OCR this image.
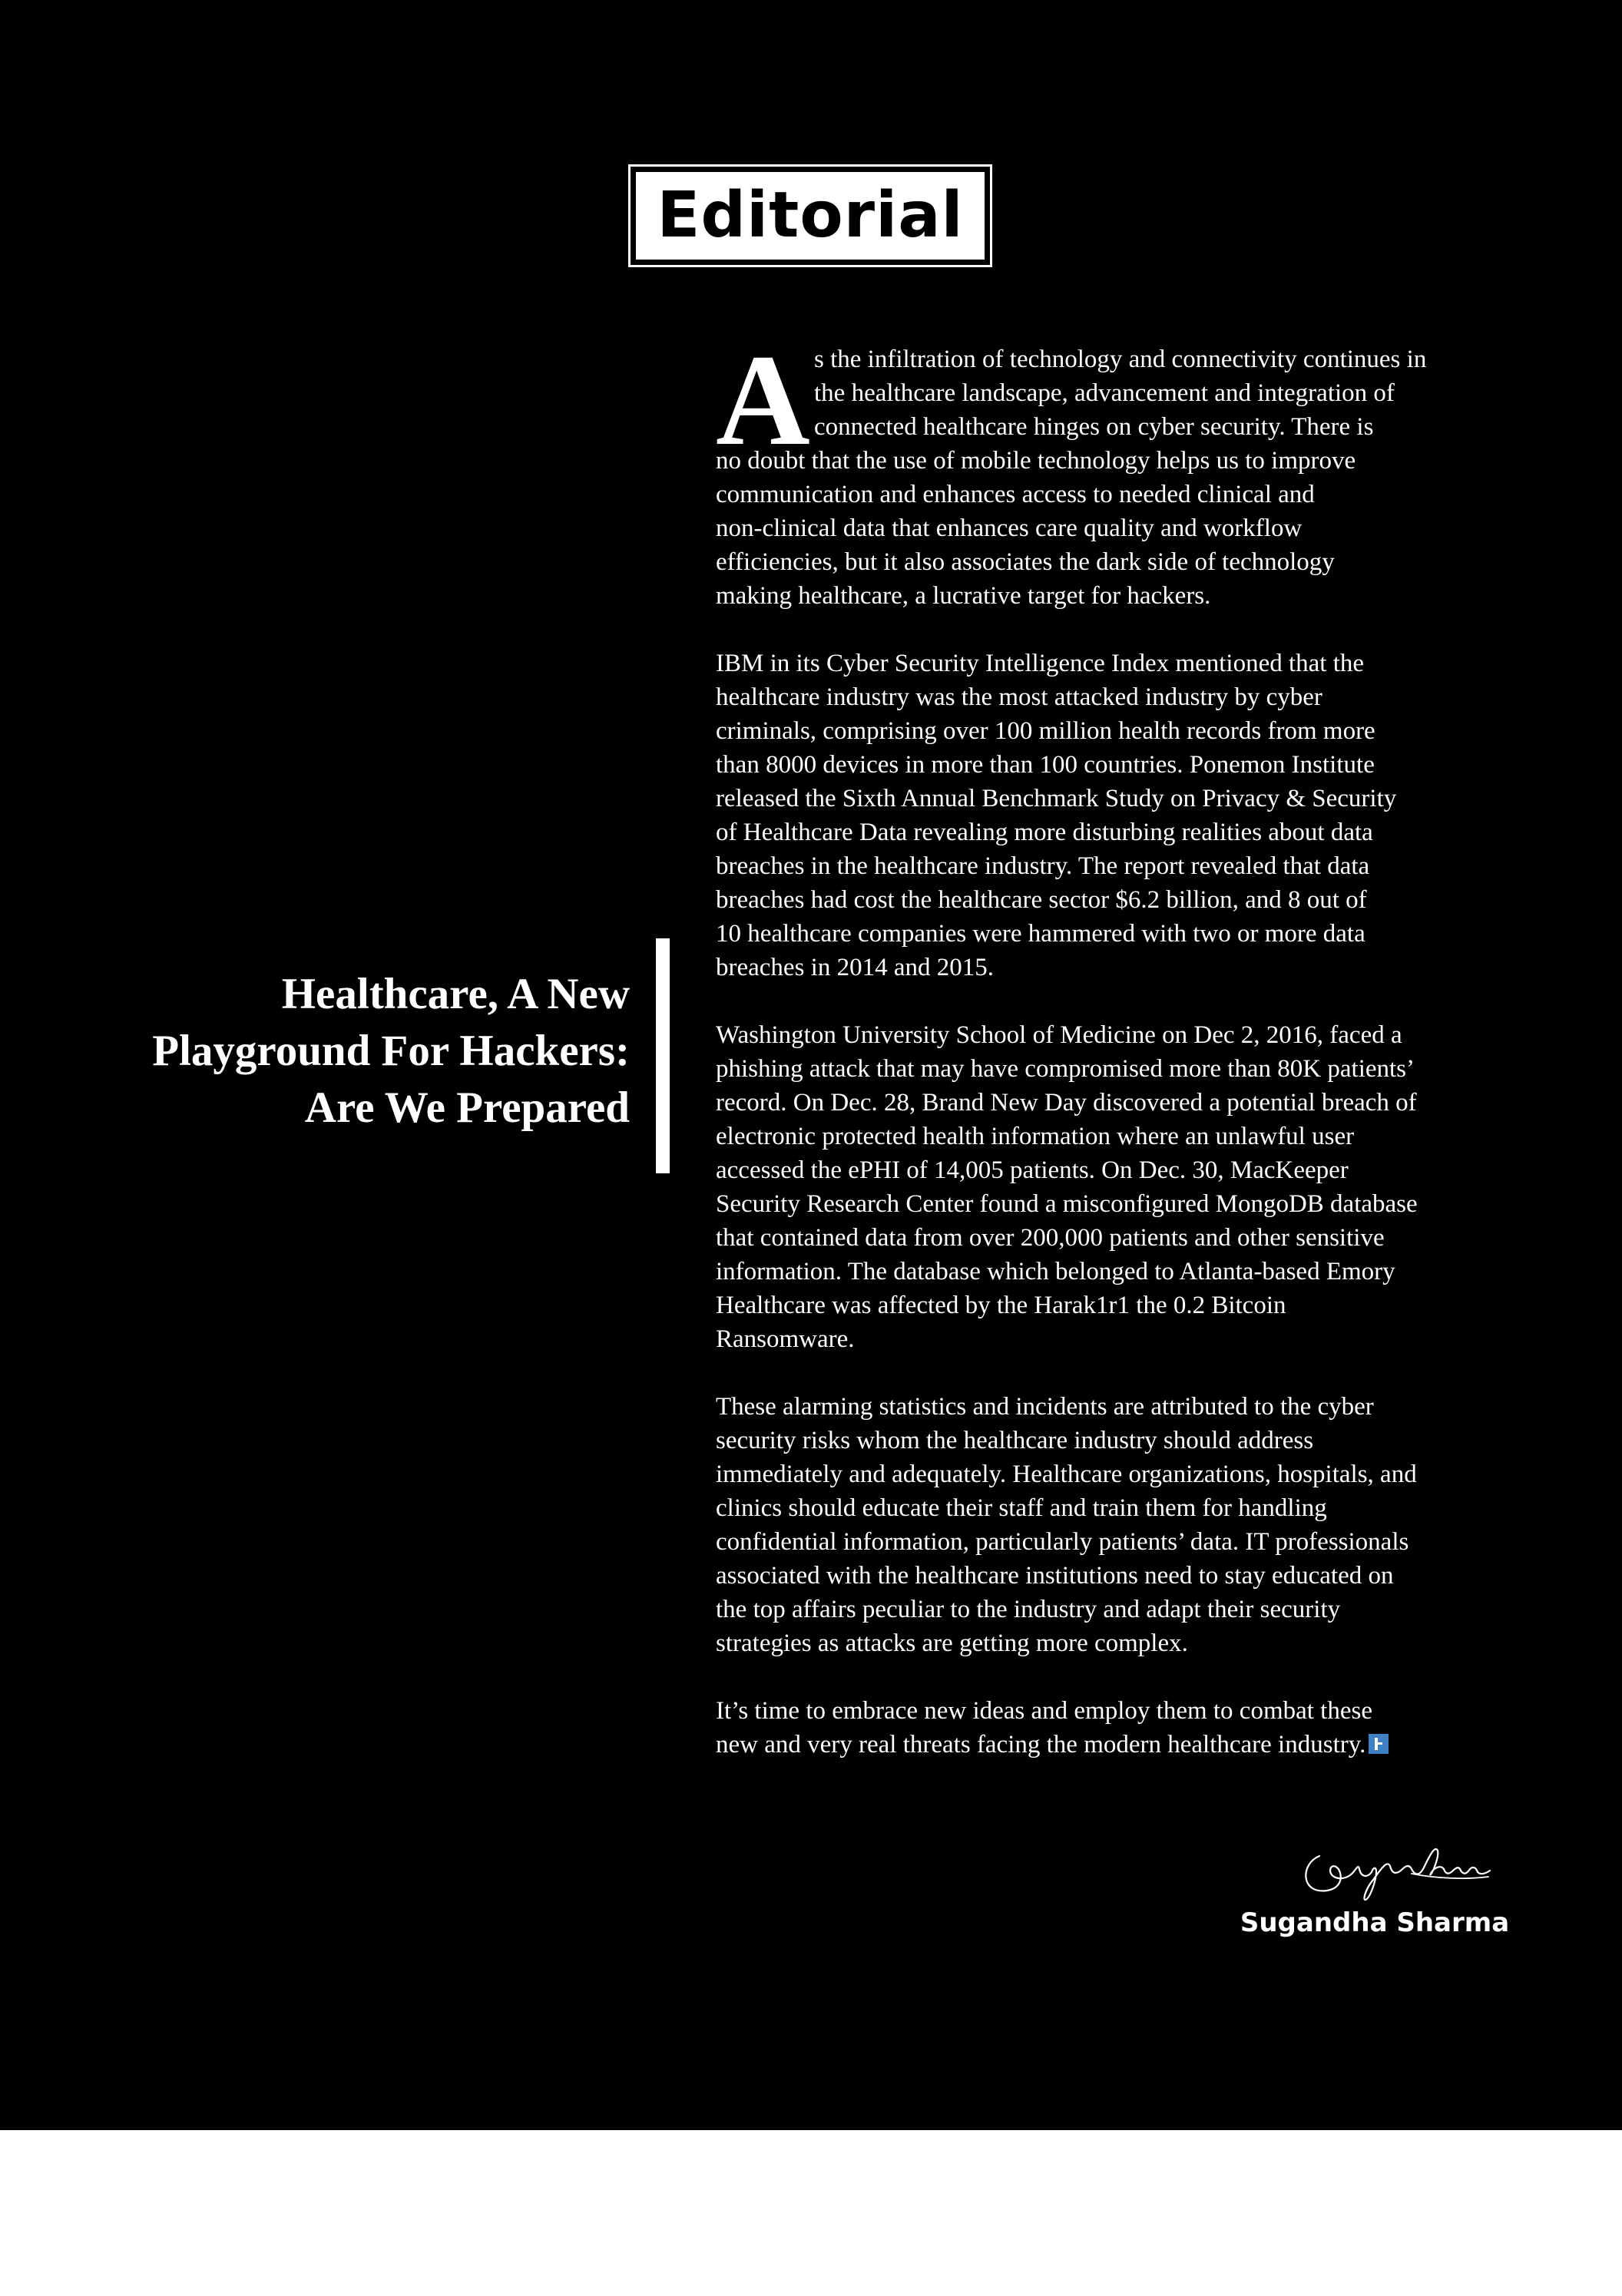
Editorial
Healthcare, A New
Playground For Hackers:
Are We Prepared
A s the infiltration of technology and connectivity continues in
the healthcare landscape, advancement and integration of
connected healthcare hinges on cyber security. There is
no doubt that the use of mobile technology helps us to improve
communication and enhances access to needed clinical and
non-clinical data that enhances care quality and workflow
efficiencies, but it also associates the dark side of technology
making healthcare, a lucrative target for hackers.
IBM in its Cyber Security Intelligence Index mentioned that the
healthcare industry was the most attacked industry by cyber
criminals, comprising over 100 million health records from more
than 8000 devices in more than 100 countries. Ponemon Institute
released the Sixth Annual Benchmark Study on Privacy & Security
of Healthcare Data revealing more disturbing realities about data
breaches in the healthcare industry. The report revealed that data
breaches had cost the healthcare sector $6.2 billion, and 8 out of
10 healthcare companies were hammered with two or more data
breaches in 2014 and 2015.
Washington University School of Medicine on Dec 2, 2016, faced a
phishing attack that may have compromised more than 80K patients’
record. On Dec. 28, Brand New Day discovered a potential breach of
electronic protected health information where an unlawful user
accessed the ePHI of 14,005 patients. On Dec. 30, MacKeeper
Security Research Center found a misconfigured MongoDB database
that contained data from over 200,000 patients and other sensitive
information. The database which belonged to Atlanta-based Emory
Healthcare was affected by the Harak1r1 the 0.2 Bitcoin
Ransomware.
These alarming statistics and incidents are attributed to the cyber
security risks whom the healthcare industry should address
immediately and adequately. Healthcare organizations, hospitals, and
clinics should educate their staff and train them for handling
confidential information, particularly patients’ data. IT professionals
associated with the healthcare institutions need to stay educated on
the top affairs peculiar to the industry and adapt their security
strategies as attacks are getting more complex.
It’s time to embrace new ideas and employ them to combat these
new and very real threats facing the modern healthcare industry.
Sugandha Sharma
